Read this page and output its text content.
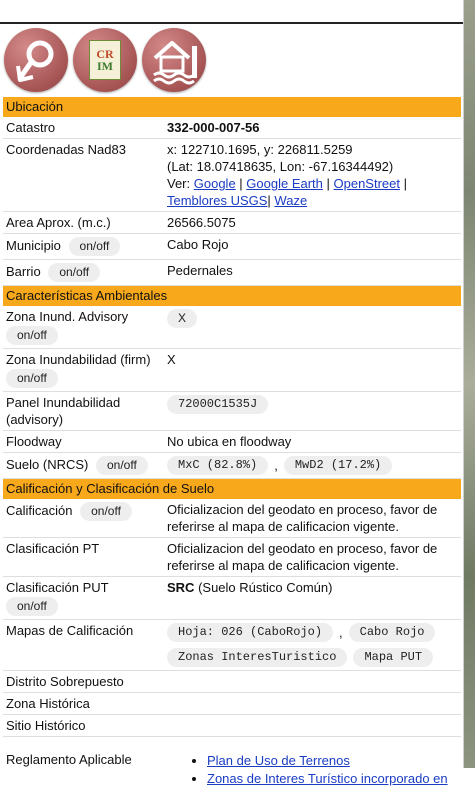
CR
IM
Ubicación
Catastro	332-000-007-56
Coordenadas Nad83	x: 122710.1695, y: 226811.5259
(Lat: 18.07418635, Lon: -67.16344492)
Ver: Google | Google Earth | OpenStreet |
Temblores USGS| Waze
Area Aprox. (m.c.)	26566.5075
Municipio on/off	Cabo Rojo
Barrio on/off	Pedernales
Características Ambientales
Zona Inund. Advisory
on/off
X
Zona Inundabilidad (firm)
on/off
X
Panel Inundabilidad (advisory)
72000C1535J
Floodway	No ubica en floodway
Suelo (NRCS) on/off	MxC (82.8%)	,	MwD2 (17.2%)
Calificación y Clasificación de Suelo
Calificación on/off	Oficializacion del geodato en proceso, favor de referirse al mapa de calificacion vigente.
Clasificación PT	Oficializacion del geodato en proceso, favor de referirse al mapa de calificacion vigente.
Clasificación PUT
on/off
SRC (Suelo Rústico Común)
Mapas de Calificación	Hoja: 026 (CaboRojo)	,	Cabo Rojo
Zonas InteresTuristico	Mapa PUT
Distrito Sobrepuesto
Zona Histórica
Sitio Histórico
Reglamento Aplicable
•	Plan de Uso de Terrenos
• Zonas de Interes Turístico incorporado en
